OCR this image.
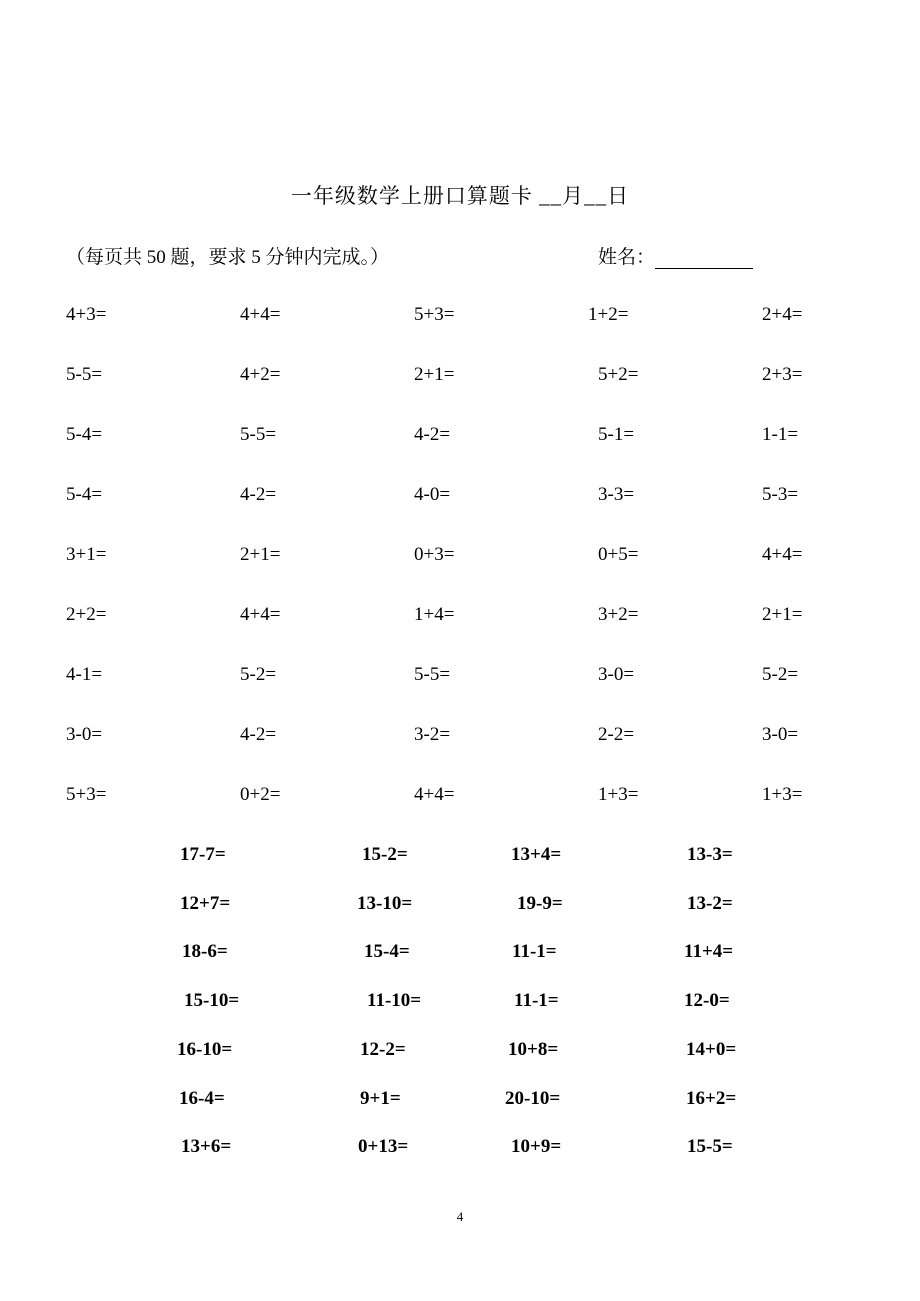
一年级数学上册口算题卡 __月__日
（每页共 50 题，要求 5 分钟内完成。）	姓名：
4+3=	4+4=	5+3=	1+2=	2+4=
5-5=	4+2=	2+1=	5+2=	2+3=
5-4=	5-5=	4-2=	5-1=	1-1=
5-4=	4-2=	4-0=	3-3=	5-3=
3+1=	2+1=	0+3=	0+5=	4+4=
2+2=	4+4=	1+4=	3+2=	2+1=
4-1=	5-2=	5-5=	3-0=	5-2=
3-0=	4-2=	3-2=	2-2=	3-0=
5+3=	0+2=	4+4=	1+3=	1+3=
17-7=	15-2=	13+4=	13-3=
12+7=	13-10=	19-9=	13-2=
18-6=	15-4=	11-1=	11+4=
15-10=	11-10=	11-1=	12-0=
16-10=	12-2=	10+8=	14+0=
16-4=	9+1=	20-10=	16+2=
13+6=	0+13=	10+9=	15-5=
4
